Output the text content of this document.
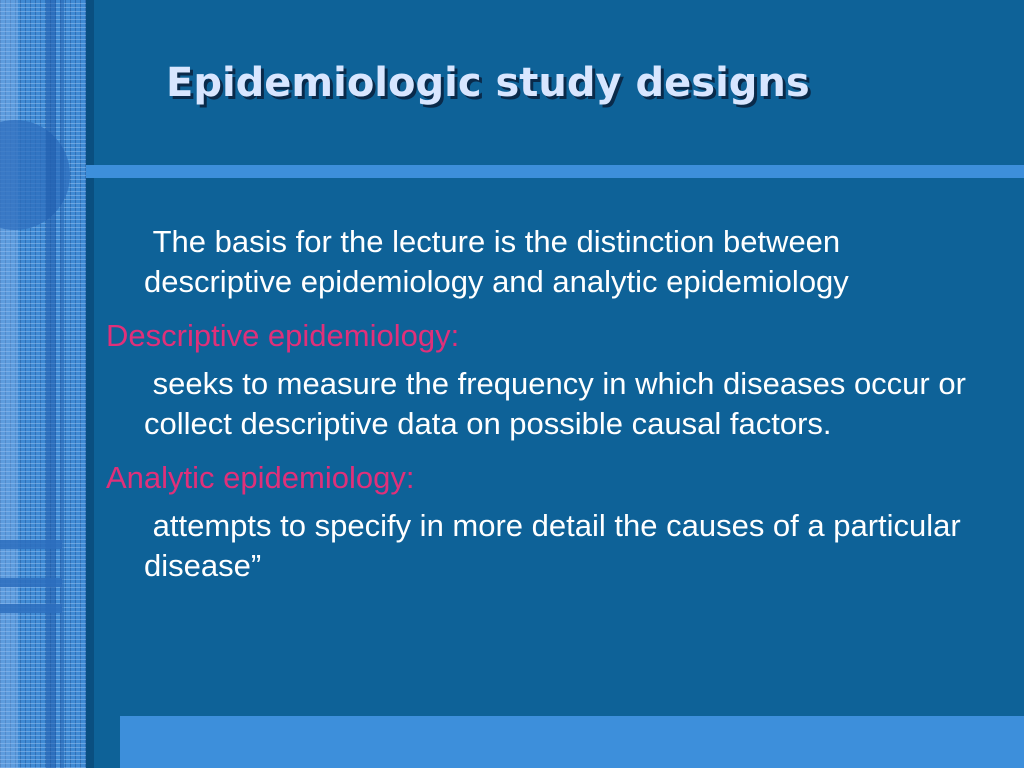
Epidemiologic study designs

The basis for the lecture is the distinction between descriptive epidemiology and analytic epidemiology

Descriptive epidemiology:

seeks to measure the frequency in which diseases occur or collect descriptive data on possible causal factors.

Analytic epidemiology:

attempts to specify in more detail the causes of a particular disease”
